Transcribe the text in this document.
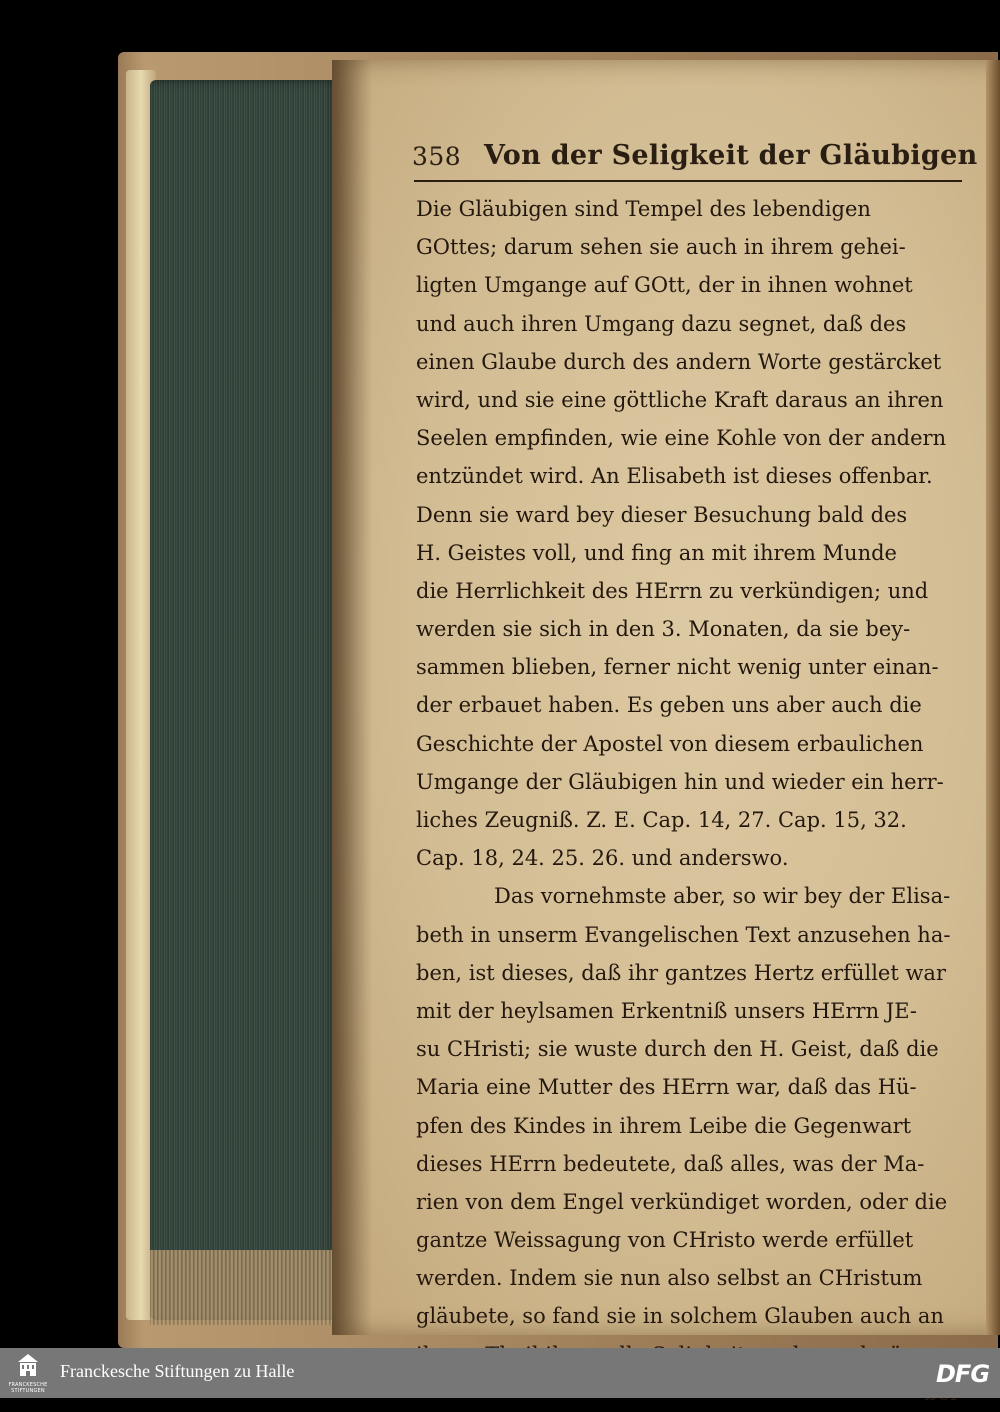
358 Von der Seligkeit der Gläubigen
Die Gläubigen sind Tempel des lebendigen
GOttes; darum sehen sie auch in ihrem gehei-
ligten Umgange auf GOtt, der in ihnen wohnet
und auch ihren Umgang dazu segnet, daß des
einen Glaube durch des andern Worte gestärcket
wird, und sie eine göttliche Kraft daraus an ihren
Seelen empfinden, wie eine Kohle von der andern
entzündet wird. An Elisabeth ist dieses offenbar.
Denn sie ward bey dieser Besuchung bald des
H. Geistes voll, und fing an mit ihrem Munde
die Herrlichkeit des HErrn zu verkündigen; und
werden sie sich in den 3. Monaten, da sie bey-
sammen blieben, ferner nicht wenig unter einan-
der erbauet haben. Es geben uns aber auch die
Geschichte der Apostel von diesem erbaulichen
Umgange der Gläubigen hin und wieder ein herr-
liches Zeugniß. Z. E. Cap. 14, 27. Cap. 15, 32.
Cap. 18, 24. 25. 26. und anderswo.
Das vornehmste aber, so wir bey der Elisa-
beth in unserm Evangelischen Text anzusehen ha-
ben, ist dieses, daß ihr gantzes Hertz erfüllet war
mit der heylsamen Erkentniß unsers HErrn JE-
su CHristi; sie wuste durch den H. Geist, daß die
Maria eine Mutter des HErrn war, daß das Hü-
pfen des Kindes in ihrem Leibe die Gegenwart
dieses HErrn bedeutete, daß alles, was der Ma-
rien von dem Engel verkündiget worden, oder die
gantze Weissagung von CHristo werde erfüllet
werden. Indem sie nun also selbst an CHristum
gläubete, so fand sie in solchem Glauben auch an
FRANCKESCHE
STIFTUNGEN
Franckesche Stiftungen zu Halle	DFG
